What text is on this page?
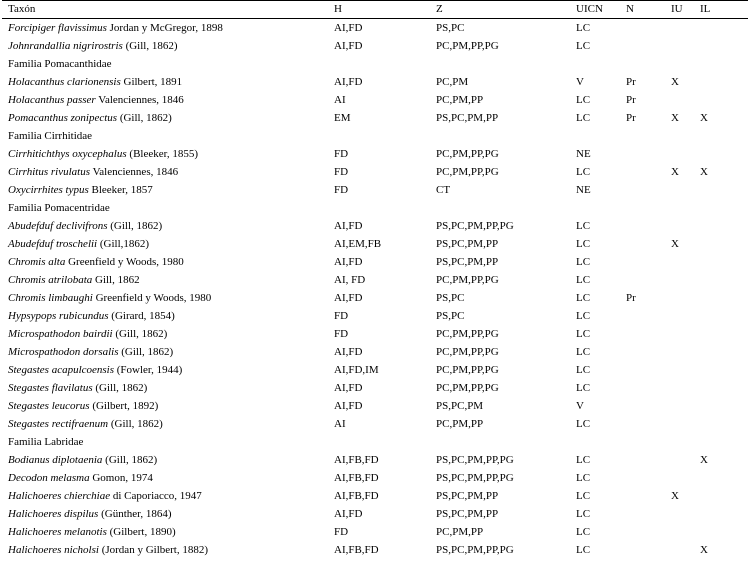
Taxón	H	Z	UICN	N	IU	IL
Forcipiger flavissimus Jordan y McGregor, 1898	AI,FD	PS,PC	LC			
Johnrandallia nigrirostris (Gill, 1862)	AI,FD	PC,PM,PP,PG	LC			
Familia Pomacanthidae						
Holacanthus clarionensis Gilbert, 1891	AI,FD	PC,PM	V	Pr	X	
Holacanthus passer Valenciennes, 1846	AI	PC,PM,PP	LC	Pr		
Pomacanthus zonipectus (Gill, 1862)	EM	PS,PC,PM,PP	LC	Pr	X	X
Familia Cirrhitidae						
Cirrhitichthys oxycephalus (Bleeker, 1855)	FD	PC,PM,PP,PG	NE			
Cirrhitus rivulatus Valenciennes, 1846	FD	PC,PM,PP,PG	LC		X	X
Oxycirrhites typus Bleeker, 1857	FD	CT	NE			
Familia Pomacentridae						
Abudefduf declivifrons (Gill, 1862)	AI,FD	PS,PC,PM,PP,PG	LC			
Abudefduf troschelii (Gill,1862)	AI,EM,FB	PS,PC,PM,PP	LC		X	
Chromis alta Greenfield y Woods, 1980	AI,FD	PS,PC,PM,PP	LC			
Chromis atrilobata Gill, 1862	AI, FD	PC,PM,PP,PG	LC			
Chromis limbaughi Greenfield y Woods, 1980	AI,FD	PS,PC	LC	Pr		
Hypsypops rubicundus (Girard, 1854)	FD	PS,PC	LC			
Microspathodon bairdii (Gill, 1862)	FD	PC,PM,PP,PG	LC			
Microspathodon dorsalis (Gill, 1862)	AI,FD	PC,PM,PP,PG	LC			
Stegastes acapulcoensis (Fowler, 1944)	AI,FD,IM	PC,PM,PP,PG	LC			
Stegastes flavilatus (Gill, 1862)	AI,FD	PC,PM,PP,PG	LC			
Stegastes leucorus (Gilbert, 1892)	AI,FD	PS,PC,PM	V			
Stegastes rectifraenum (Gill, 1862)	AI	PC,PM,PP	LC			
Familia Labridae						
Bodianus diplotaenia (Gill, 1862)	AI,FB,FD	PS,PC,PM,PP,PG	LC			X
Decodon melasma Gomon, 1974	AI,FB,FD	PS,PC,PM,PP,PG	LC			
Halichoeres chierchiae di Caporiacco, 1947	AI,FB,FD	PS,PC,PM,PP	LC		X	
Halichoeres dispilus (Günther, 1864)	AI,FD	PS,PC,PM,PP	LC			
Halichoeres melanotis (Gilbert, 1890)	FD	PC,PM,PP	LC			
Halichoeres nicholsi (Jordan y Gilbert, 1882)	AI,FB,FD	PS,PC,PM,PP,PG	LC			X
